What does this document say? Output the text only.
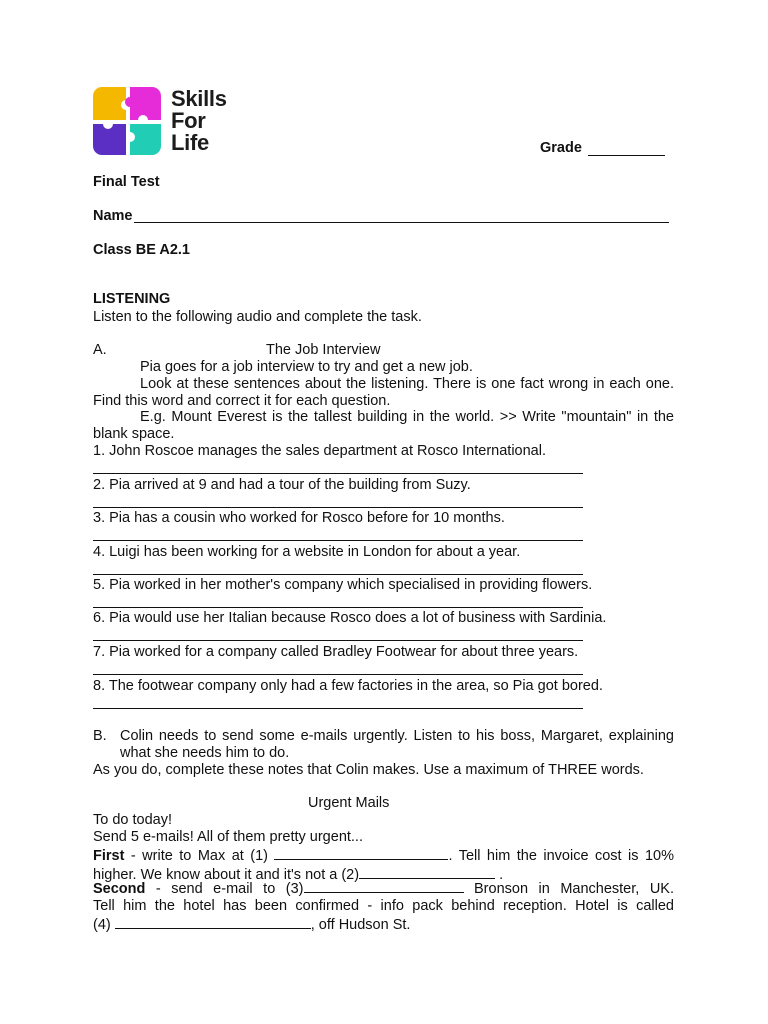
Skills
For
Life	Grade
Final Test
Name
Class BE A2.1
LISTENING
Listen to the following audio and complete the task.
A.	The Job Interview

Pia goes for a job interview to try and get a new job.

Look at these sentences about the listening. There is one fact wrong in each one. Find this word and correct it for each question.

E.g. Mount Everest is the tallest building in the world. >> Write "mountain" in the blank space.

1. John Roscoe manages the sales department at Rosco International.
2. Pia arrived at 9 and had a tour of the building from Suzy.
3. Pia has a cousin who worked for Rosco before for 10 months.
4. Luigi has been working for a website in London for about a year.
5. Pia worked in her mother's company which specialised in providing flowers.
6. Pia would use her Italian because Rosco does a lot of business with Sardinia.
7. Pia worked for a company called Bradley Footwear for about three years.
8. The footwear company only had a few factories in the area, so Pia got bored.
B. Colin needs to send some e-mails urgently. Listen to his boss, Margaret, explaining what she needs him to do.
As you do, complete these notes that Colin makes. Use a maximum of THREE words.
Urgent Mails
To do today!
Send 5 e-mails! All of them pretty urgent...

First - write to Max at (1)	. Tell him the invoice cost is 10%

higher. We know about it and it's not a (2)	.

Second - send e-mail to (3)	Bronson in Manchester, UK.

Tell him the hotel has been confirmed - info pack behind reception. Hotel is called

(4)	, off Hudson St.
